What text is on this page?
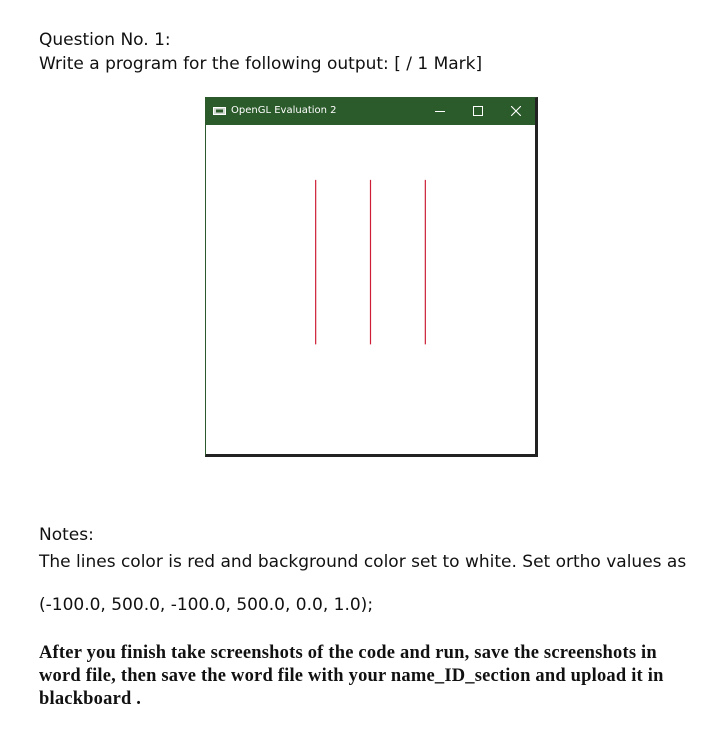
Question No. 1:
Write a program for the following output: [ / 1 Mark]
OpenGL Evaluation 2
Notes:
The lines color is red and background color set to white. Set ortho values as
(-100.0, 500.0, -100.0, 500.0, 0.0, 1.0);
After you finish take screenshots of the code and run, save the screenshots in word file, then save the word file with your name_ID_section and upload it in blackboard .
